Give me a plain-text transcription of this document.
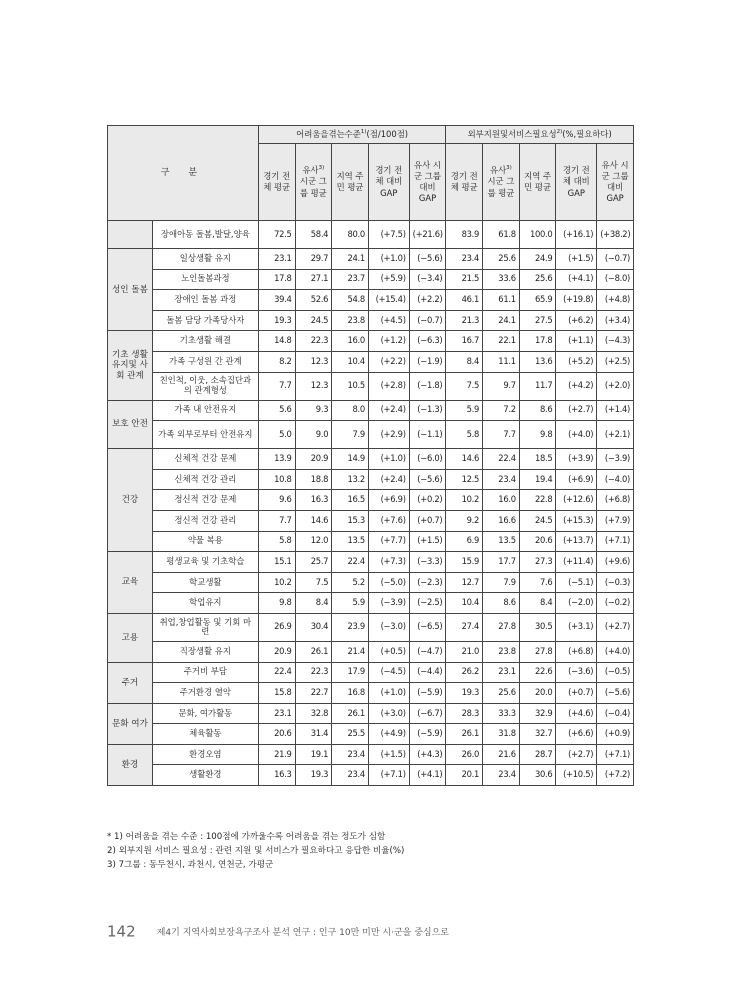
구 분		어려움을겪는수준$^{1)}$(점/100점)					외부지원및서비스필요성$^{2)}$(%,필요하다)				
		경기 전체 평균	유사$^{3)}$ 시군 그룹 평균	지역 주민 평균	경기 전체 대비 GAP	유사 시군 그룹 대비 GAP	경기 전체 평균	유사$^{3)}$ 시군 그룹 평균	지역 주민 평균	경기 전체 대비 GAP	유사 시군 그룹 대비 GAP
	장애아동 돌봄,발달,양육	72.5	58.4	80.0	(+7.5)	(+21.6)	83.9	61.8	100.0	(+16.1)	(+38.2)
성인 돌봄	일상생활 유지	23.1	29.7	24.1	(+1.0)	(−5.6)	23.4	25.6	24.9	(+1.5)	(−0.7)
	노인돌봄과정	17.8	27.1	23.7	(+5.9)	(−3.4)	21.5	33.6	25.6	(+4.1)	(−8.0)
	장애인 돌봄 과정	39.4	52.6	54.8	(+15.4)	(+2.2)	46.1	61.1	65.9	(+19.8)	(+4.8)
	돌봄 담당 가족당사자	19.3	24.5	23.8	(+4.5)	(−0.7)	21.3	24.1	27.5	(+6.2)	(+3.4)
기초 생활 유지및 사회 관계	기초생활 해결	14.8	22.3	16.0	(+1.2)	(−6.3)	16.7	22.1	17.8	(+1.1)	(−4.3)
	가족 구성원 간 관계	8.2	12.3	10.4	(+2.2)	(−1.9)	8.4	11.1	13.6	(+5.2)	(+2.5)
	친인척, 이웃, 소속집단과의 관계형성	7.7	12.3	10.5	(+2.8)	(−1.8)	7.5	9.7	11.7	(+4.2)	(+2.0)
보호 안전	가족 내 안전유지	5.6	9.3	8.0	(+2.4)	(−1.3)	5.9	7.2	8.6	(+2.7)	(+1.4)
	가족 외부로부터 안전유지	5.0	9.0	7.9	(+2.9)	(−1.1)	5.8	7.7	9.8	(+4.0)	(+2.1)
건강	신체적 건강 문제	13.9	20.9	14.9	(+1.0)	(−6.0)	14.6	22.4	18.5	(+3.9)	(−3.9)
	신체적 건강 관리	10.8	18.8	13.2	(+2.4)	(−5.6)	12.5	23.4	19.4	(+6.9)	(−4.0)
	정신적 건강 문제	9.6	16.3	16.5	(+6.9)	(+0.2)	10.2	16.0	22.8	(+12.6)	(+6.8)
	정신적 건강 관리	7.7	14.6	15.3	(+7.6)	(+0.7)	9.2	16.6	24.5	(+15.3)	(+7.9)
	약물 복용	5.8	12.0	13.5	(+7.7)	(+1.5)	6.9	13.5	20.6	(+13.7)	(+7.1)
교육	평생교육 및 기초학습	15.1	25.7	22.4	(+7.3)	(−3.3)	15.9	17.7	27.3	(+11.4)	(+9.6)
	학교생활	10.2	7.5	5.2	(−5.0)	(−2.3)	12.7	7.9	7.6	(−5.1)	(−0.3)
	학업유지	9.8	8.4	5.9	(−3.9)	(−2.5)	10.4	8.6	8.4	(−2.0)	(−0.2)
고용	취업,창업활동 및 기회 마련	26.9	30.4	23.9	(−3.0)	(−6.5)	27.4	27.8	30.5	(+3.1)	(+2.7)
	직장생활 유지	20.9	26.1	21.4	(+0.5)	(−4.7)	21.0	23.8	27.8	(+6.8)	(+4.0)
주거	주거비 부담	22.4	22.3	17.9	(−4.5)	(−4.4)	26.2	23.1	22.6	(−3.6)	(−0.5)
	주거환경 열악	15.8	22.7	16.8	(+1.0)	(−5.9)	19.3	25.6	20.0	(+0.7)	(−5.6)
문화 여가	문화, 여가활동	23.1	32.8	26.1	(+3.0)	(−6.7)	28.3	33.3	32.9	(+4.6)	(−0.4)
	체육활동	20.6	31.4	25.5	(+4.9)	(−5.9)	26.1	31.8	32.7	(+6.6)	(+0.9)
환경	환경오염	21.9	19.1	23.4	(+1.5)	(+4.3)	26.0	21.6	28.7	(+2.7)	(+7.1)
	생활환경	16.3	19.3	23.4	(+7.1)	(+4.1)	20.1	23.4	30.6	(+10.5)	(+7.2)
* 1) 어려움을 겪는 수준 : 100점에 가까울수록 어려움을 겪는 정도가 심함
2) 외부지원 서비스 필요성 : 관련 지원 및 서비스가 필요하다고 응답한 비율(%)
3) 7그룹 : 동두천시, 과천시, 연천군, 가평군
142 제4기 지역사회보장욕구조사 분석 연구 : 인구 10만 미만 시·군을 중심으로
